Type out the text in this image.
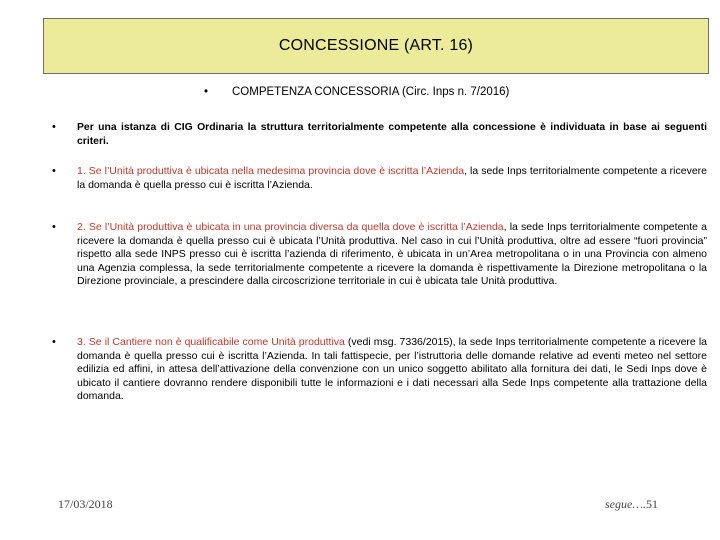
CONCESSIONE (ART. 16)
• COMPETENZA CONCESSORIA (Circ. Inps n. 7/2016)
• Per una istanza di CIG Ordinaria la struttura territorialmente competente alla concessione è individuata in base ai seguenti criteri.
• 1. Se l’Unità produttiva è ubicata nella medesima provincia dove è iscritta l’Azienda, la sede Inps territorialmente competente a ricevere la domanda è quella presso cui è iscritta l’Azienda.
• 2. Se l’Unità produttiva è ubicata in una provincia diversa da quella dove è iscritta l’Azienda, la sede Inps territorialmente competente a ricevere la domanda è quella presso cui è ubicata l’Unità produttiva. Nel caso in cui l’Unità produttiva, oltre ad essere “fuori provincia” rispetto alla sede INPS presso cui è iscritta l’azienda di riferimento, è ubicata in un’Area metropolitana o in una Provincia con almeno una Agenzia complessa, la sede territorialmente competente a ricevere la domanda è rispettivamente la Direzione metropolitana o la Direzione provinciale, a prescindere dalla circoscrizione territoriale in cui è ubicata tale Unità produttiva.
• 3. Se il Cantiere non è qualificabile come Unità produttiva (vedi msg. 7336/2015), la sede Inps territorialmente competente a ricevere la domanda è quella presso cui è iscritta l’Azienda. In tali fattispecie, per l’istruttoria delle domande relative ad eventi meteo nel settore edilizia ed affini, in attesa dell’attivazione della convenzione con un unico soggetto abilitato alla fornitura dei dati, le Sedi Inps dove è ubicato il cantiere dovranno rendere disponibili tutte le informazioni e i dati necessari alla Sede Inps competente alla trattazione della domanda.
17/03/2018	segue….51
